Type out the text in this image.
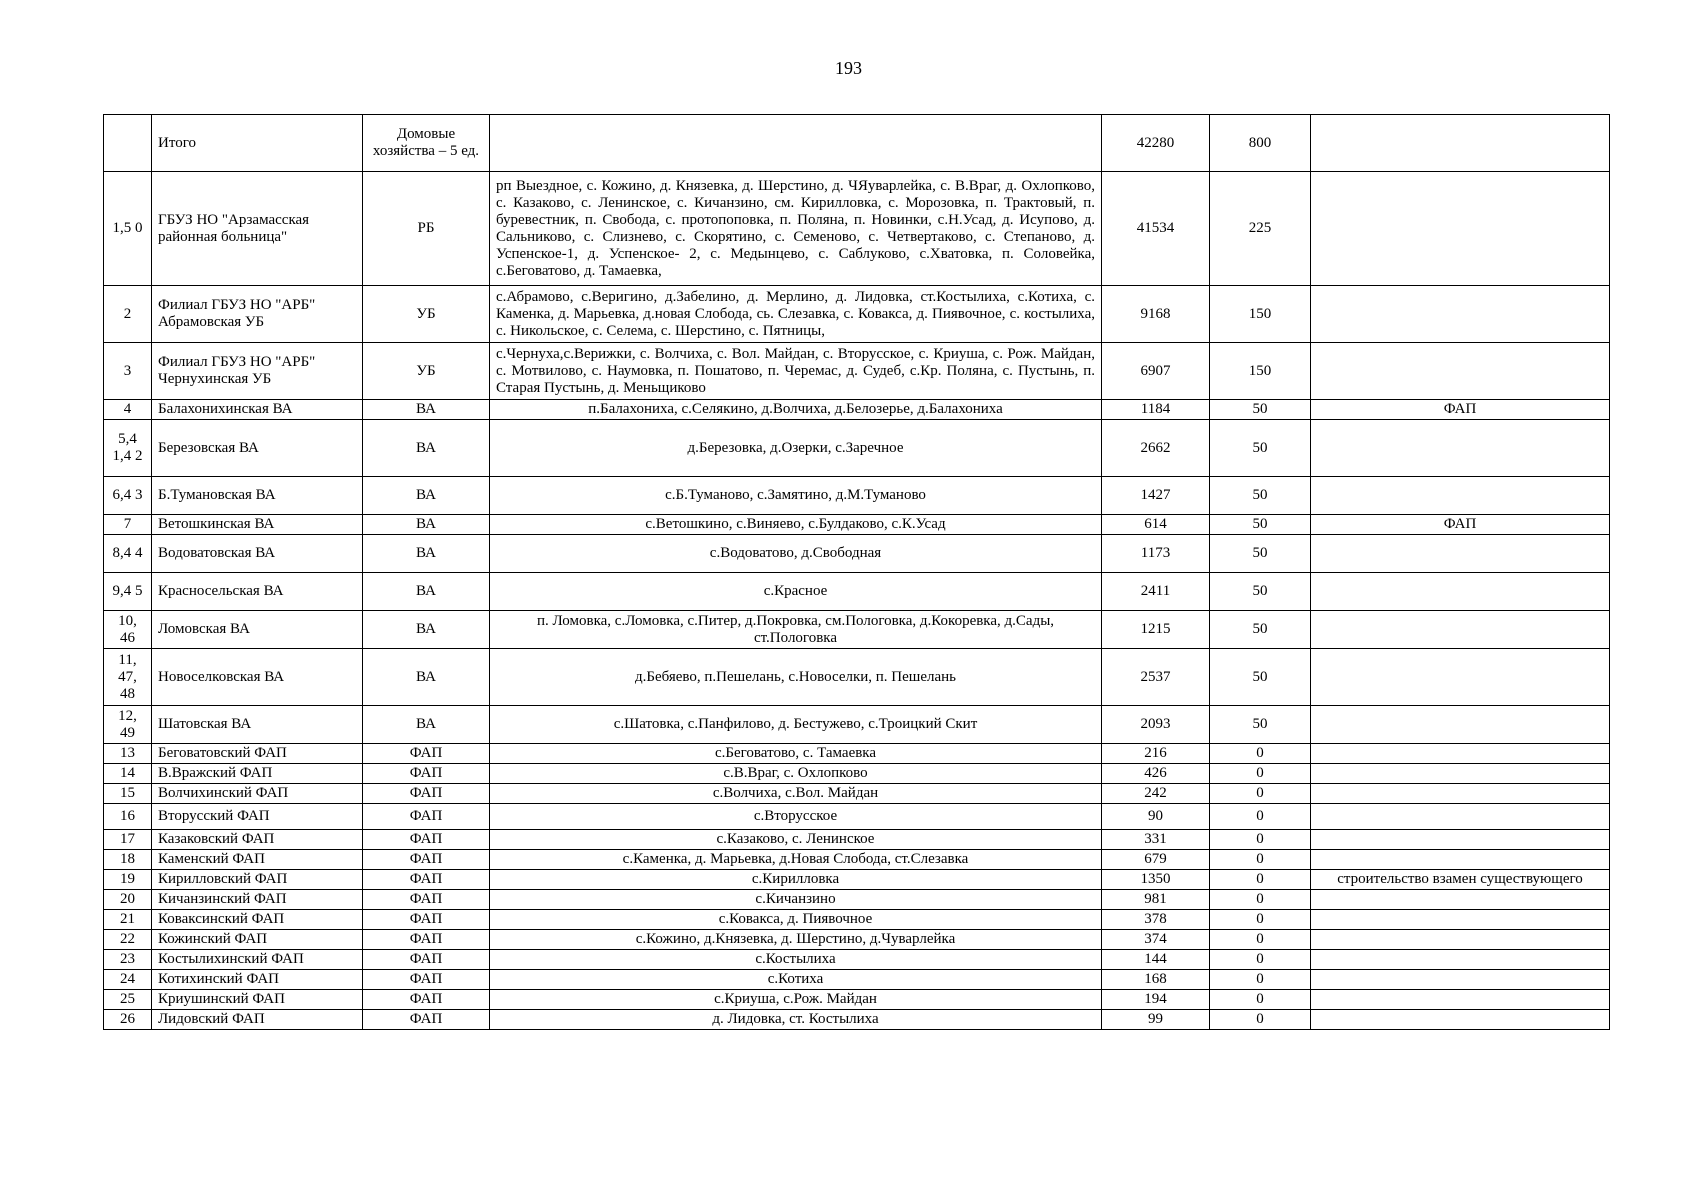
193
	Итого	Домовые хозяйства – 5 ед.		42280	800	
1,5 0	ГБУЗ НО "Арзамасская районная больница"	РБ	рп Выездное, с. Кожино, д. Князевка, д. Шерстино, д. ЧЯуварлейка, с. В.Враг, д. Охлопково, с. Казаково, с. Ленинское, с. Кичанзино, см. Кирилловка, с. Морозовка, п. Трактовый, п. буревестник, п. Свобода, с. протопоповка, п. Поляна, п. Новинки, с.Н.Усад, д. Исупово, д. Сальниково, с. Слизнево, с. Скорятино, с. Семеново, с. Четвертаково, с. Степаново, д. Успенское-1, д. Успенское- 2, с. Медынцево, с. Саблуково, с.Хватовка, п. Соловейка, с.Беговатово, д. Тамаевка,	41534	225	
2	Филиал ГБУЗ НО "АРБ" Абрамовская УБ	УБ	с.Абрамово, с.Веригино, д.Забелино, д. Мерлино, д. Лидовка, ст.Костылиха, с.Котиха, с. Каменка, д. Марьевка, д.новая Слобода, сь. Слезавка, с. Ковакса, д. Пиявочное, с. костылиха, с. Никольское, с. Селема, с. Шерстино, с. Пятницы,	9168	150	
3	Филиал ГБУЗ НО "АРБ" Чернухинская УБ	УБ	с.Чернуха,с.Верижки, с. Волчиха, с. Вол. Майдан, с. Вторусское, с. Криуша, с. Рож. Майдан, с. Мотвилово, с. Наумовка, п. Пошатово, п. Черемас, д. Судеб, с.Кр. Поляна, с. Пустынь, п. Старая Пустынь, д. Меньщиково	6907	150	
4	Балахонихинская ВА	ВА	п.Балахониха, с.Селякино, д.Волчиха, д.Белозерье, д.Балахониха	1184	50	ФАП
5,4 1,4 2	Березовская ВА	ВА	д.Березовка, д.Озерки, с.Заречное	2662	50	
6,4 3	Б.Тумановская ВА	ВА	с.Б.Туманово, с.Замятино, д.М.Туманово	1427	50	
7	Ветошкинская ВА	ВА	с.Ветошкино, с.Виняево, с.Булдаково, с.К.Усад	614	50	ФАП
8,4 4	Водоватовская ВА	ВА	с.Водоватово, д.Свободная	1173	50	
9,4 5	Красносельская ВА	ВА	с.Красное	2411	50	
10, 46	Ломовская ВА	ВА	п. Ломовка, с.Ломовка, с.Питер, д.Покровка, см.Пологовка, д.Кокоревка, д.Сады, ст.Пологовка	1215	50	
11, 47, 48	Новоселковская ВА	ВА	д.Бебяево, п.Пешелань, с.Новоселки, п. Пешелань	2537	50	
12, 49	Шатовская ВА	ВА	с.Шатовка, с.Панфилово, д. Бестужево, с.Троицкий Скит	2093	50	
13	Беговатовский ФАП	ФАП	с.Беговатово, с. Тамаевка	216	0	
14	В.Вражский ФАП	ФАП	с.В.Враг, с. Охлопково	426	0	
15	Волчихинский ФАП	ФАП	с.Волчиха, с.Вол. Майдан	242	0	
16	Вторусский ФАП	ФАП	с.Вторусское	90	0	
17	Казаковский ФАП	ФАП	с.Казаково, с. Ленинское	331	0	
18	Каменский ФАП	ФАП	с.Каменка, д. Марьевка, д.Новая Слобода, ст.Слезавка	679	0	
19	Кирилловский ФАП	ФАП	с.Кирилловка	1350	0	строительство взамен существующего
20	Кичанзинский ФАП	ФАП	с.Кичанзино	981	0	
21	Коваксинский ФАП	ФАП	с.Ковакса, д. Пиявочное	378	0	
22	Кожинский ФАП	ФАП	с.Кожино, д.Князевка, д. Шерстино, д.Чуварлейка	374	0	
23	Костылихинский ФАП	ФАП	с.Костылиха	144	0	
24	Котихинский ФАП	ФАП	с.Котиха	168	0	
25	Криушинский ФАП	ФАП	с.Криуша, с.Рож. Майдан	194	0	
26	Лидовский ФАП	ФАП	д. Лидовка, ст. Костылиха	99	0	
